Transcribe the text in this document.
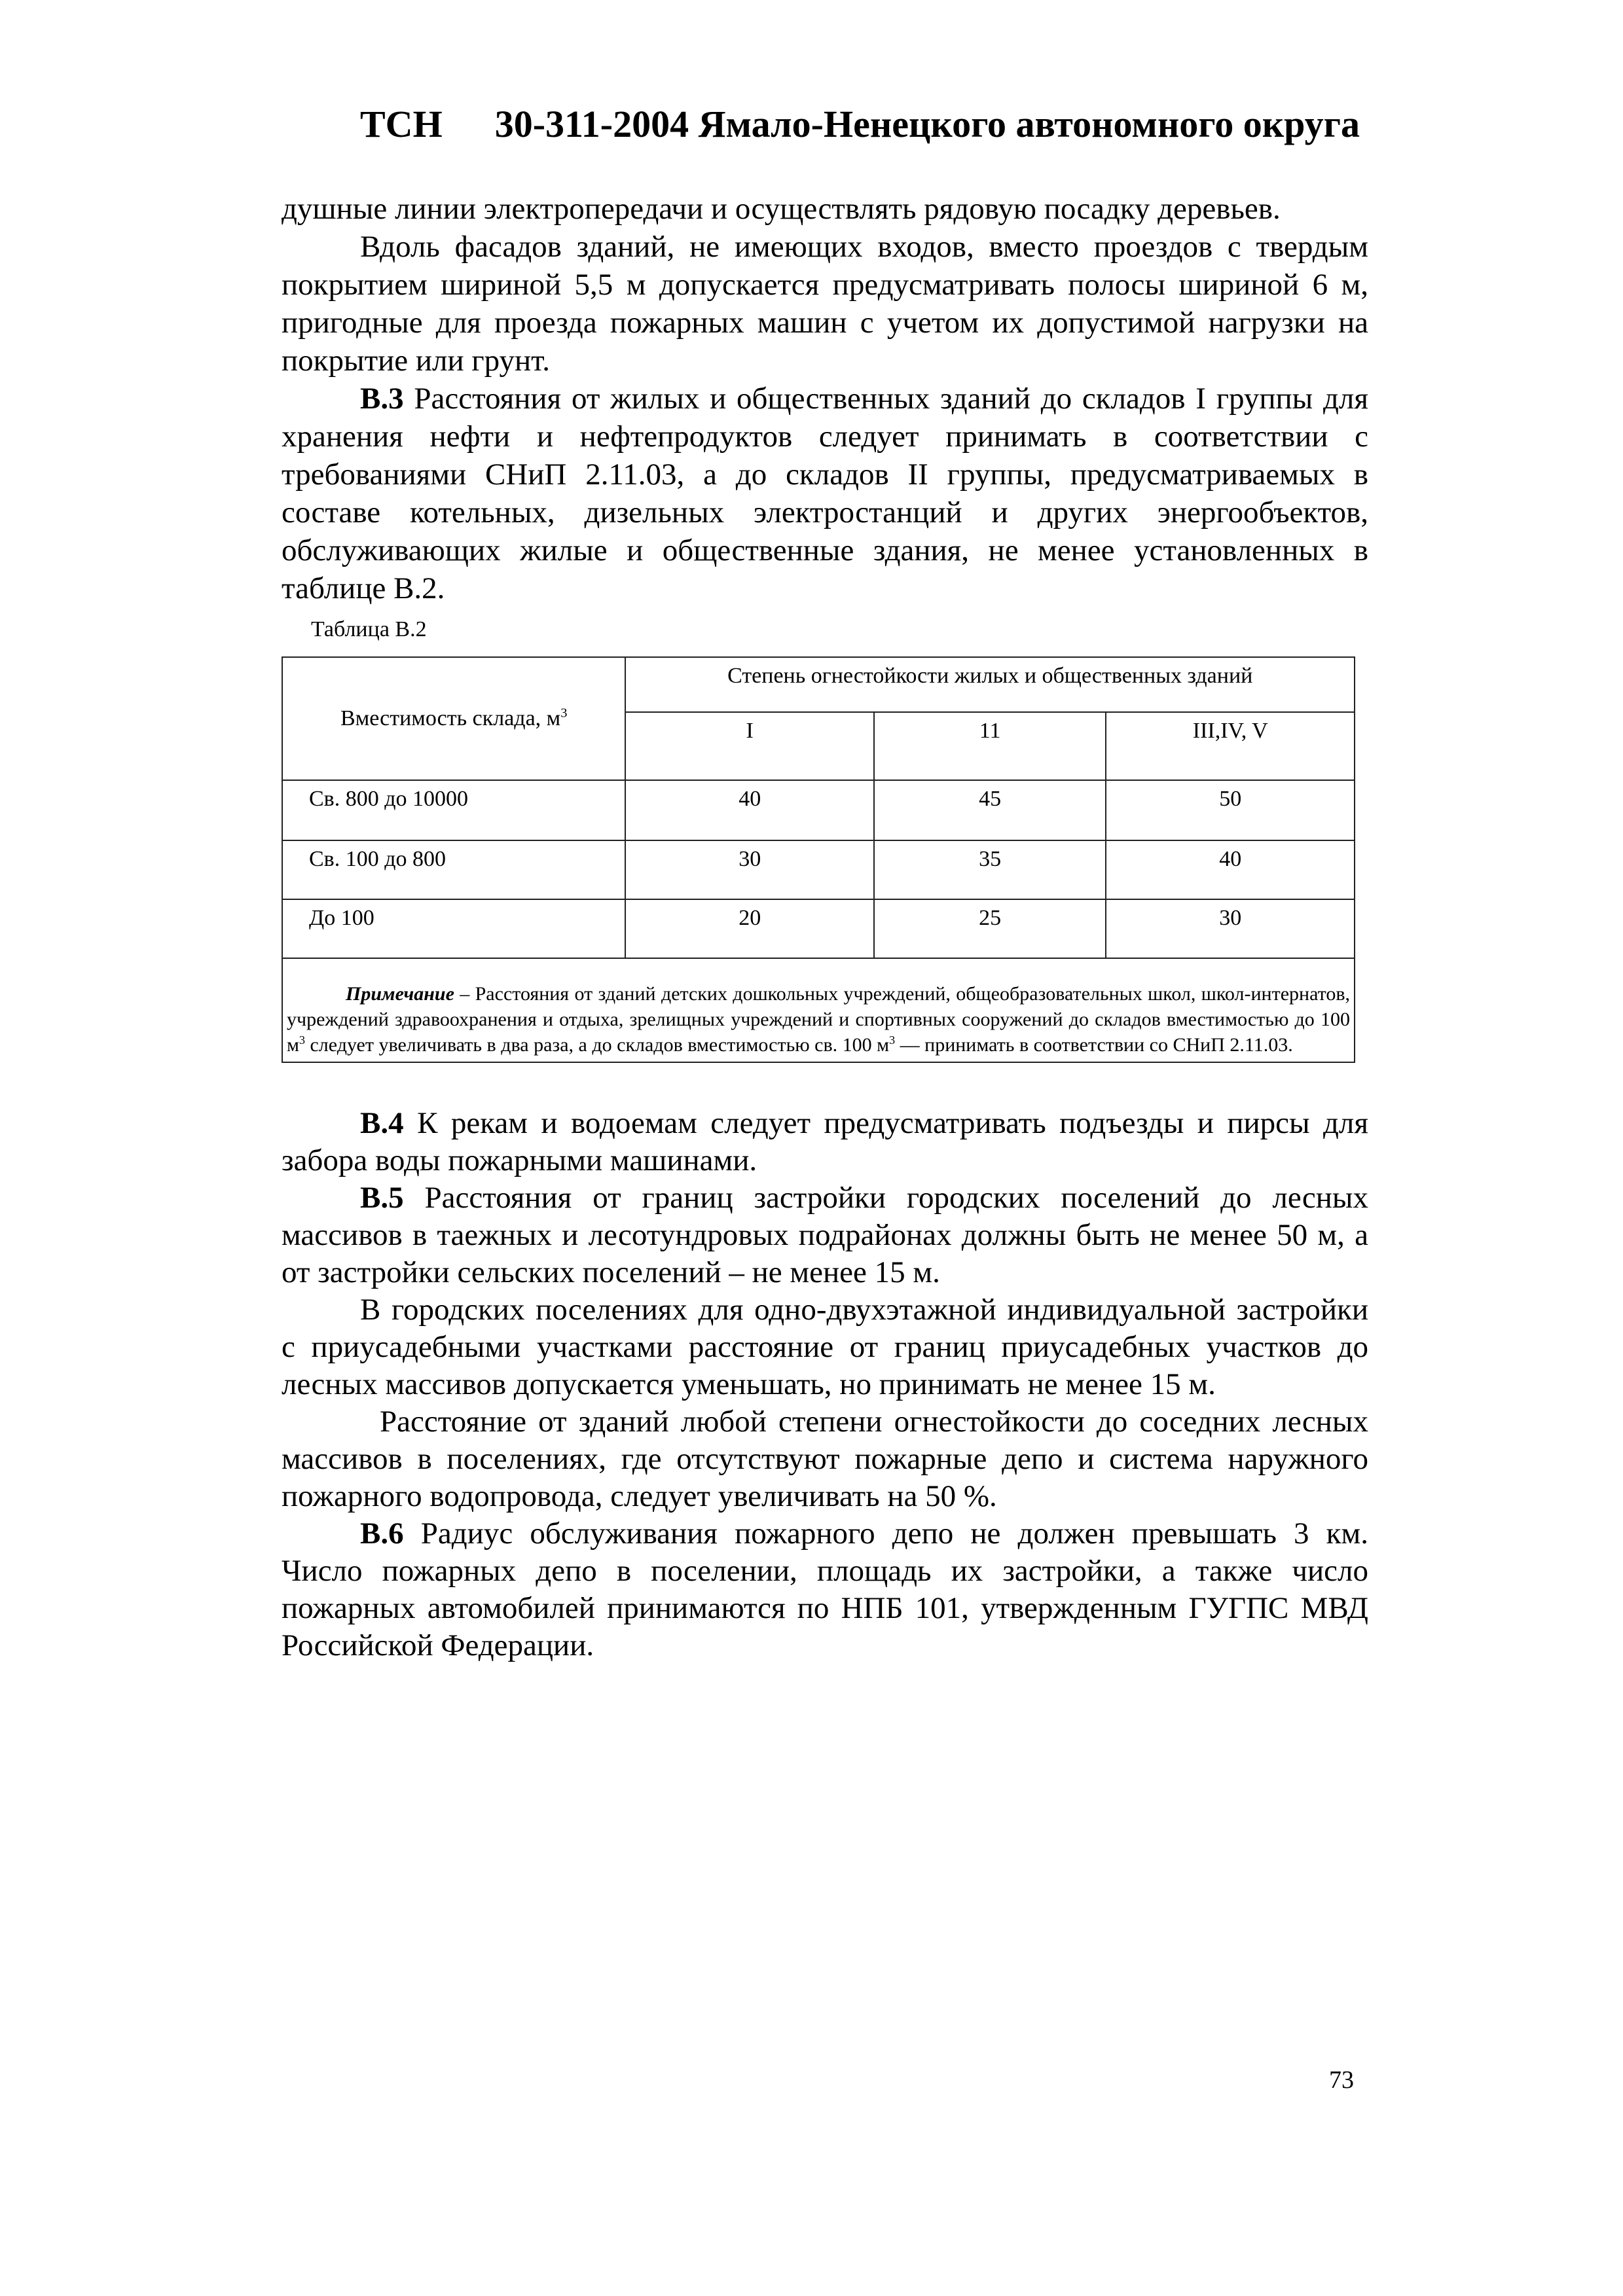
ТСН 30-311-2004 Ямало-Ненецкого автономного округа

душные линии электропередачи и осуществлять рядовую посадку деревьев.

Вдоль фасадов зданий, не имеющих входов, вместо проездов с твердым покрытием шириной 5,5 м допускается предусматривать полосы шириной 6 м, пригодные для проезда пожарных машин с учетом их допустимой нагрузки на покрытие или грунт.

В.3 Расстояния от жилых и общественных зданий до складов I группы для хранения нефти и нефтепродуктов следует принимать в соответствии с требованиями СНиП 2.11.03, а до складов II группы, предусматриваемых в составе котельных, дизельных электростанций и других энергообъектов, обслуживающих жилые и общественные здания, не менее установленных в таблице В.2.

Таблица В.2
Вместимость склада, $м^3$	Степень огнестойкости жилых и общественных зданий		
	I	11	III,IV, V
Св. 800 до 10000	40	45	50
Св. 100 до 800	30	35	40
До 100	20	25	30

Примечание – Расстояния от зданий детских дошкольных учреждений, общеобразовательных школ, школ-интернатов, учреждений здравоохранения и отдыха, зрелищных учреждений и спортивных сооружений до складов вместимостью до 100 $м^3$ следует увеличивать в два раза, а до складов вместимостью св. 100 $м^3$ — принимать в соответствии со СНиП 2.11.03.			

В.4 К рекам и водоемам следует предусматривать подъезды и пирсы для забора воды пожарными машинами.

В.5 Расстояния от границ застройки городских поселений до лесных массивов в таежных и лесотундровых подрайонах должны быть не менее 50 м, а от застройки сельских поселений – не менее 15 м.

В городских поселениях для одно-двухэтажной индивидуальной застройки с приусадебными участками расстояние от границ приусадебных участков до лесных массивов допускается уменьшать, но принимать не менее 15 м.

Расстояние от зданий любой степени огнестойкости до соседних лесных массивов в поселениях, где отсутствуют пожарные депо и система наружного пожарного водопровода, следует увеличивать на 50 %.

В.6 Радиус обслуживания пожарного депо не должен превышать 3 км. Число пожарных депо в поселении, площадь их застройки, а также число пожарных автомобилей принимаются по НПБ 101, утвержденным ГУГПС МВД Российской Федерации.

73
